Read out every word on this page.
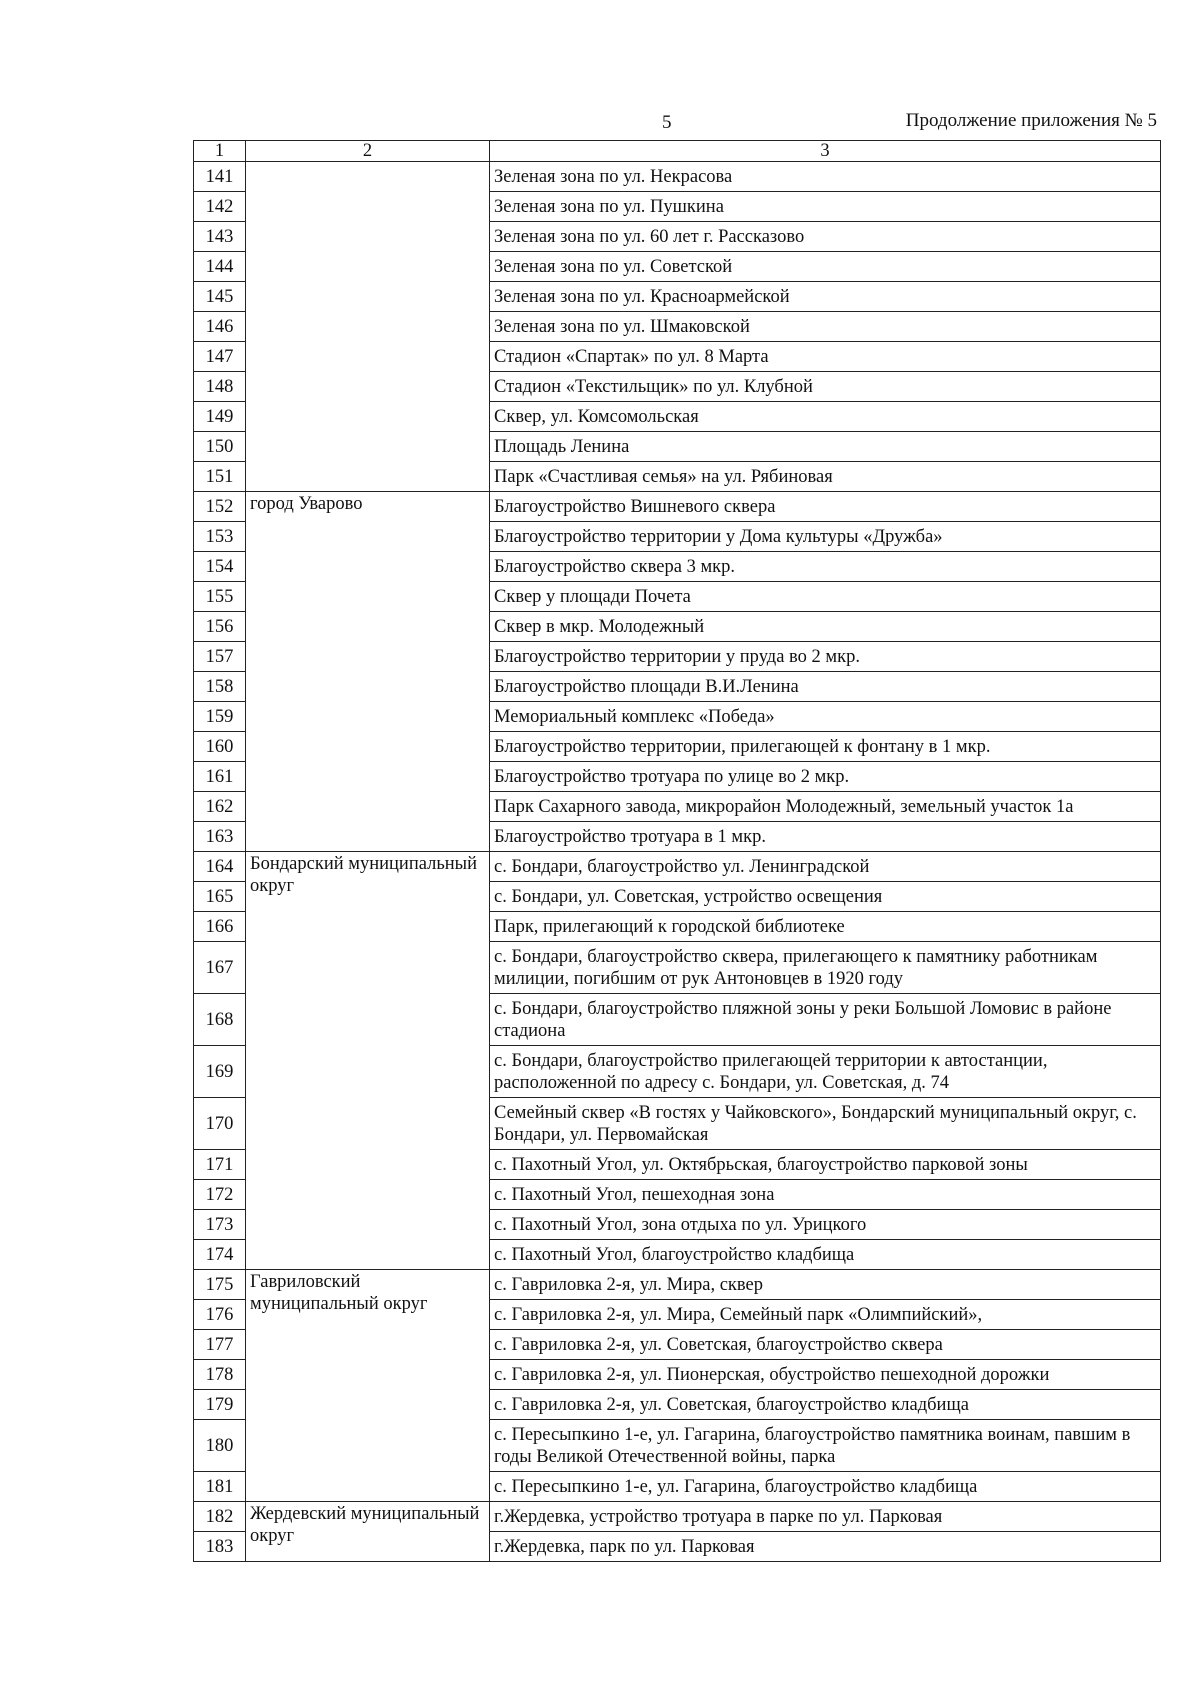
5	Продолжение приложения № 5
1	2	3
141		Зеленая зона по ул. Некрасова
142		Зеленая зона по ул. Пушкина
143		Зеленая зона по ул. 60 лет г. Рассказово
144		Зеленая зона по ул. Советской
145		Зеленая зона по ул. Красноармейской
146		Зеленая зона по ул. Шмаковской
147		Стадион «Спартак» по ул. 8 Марта
148		Стадион «Текстильщик» по ул. Клубной
149		Сквер, ул. Комсомольская
150		Площадь Ленина
151		Парк «Счастливая семья» на ул. Рябиновая
152	город Уварово	Благоустройство Вишневого сквера
153		Благоустройство территории у Дома культуры «Дружба»
154		Благоустройство сквера 3 мкр.
155		Сквер у площади Почета
156		Сквер в мкр. Молодежный
157		Благоустройство территории у пруда во 2 мкр.
158		Благоустройство площади В.И.Ленина
159		Мемориальный комплекс «Победа»
160		Благоустройство территории, прилегающей к фонтану в 1 мкр.
161		Благоустройство тротуара по улице во 2 мкр.
162		Парк Сахарного завода, микрорайон Молодежный, земельный участок 1а
163		Благоустройство тротуара в 1 мкр.
164	Бондарский муниципальный округ	с. Бондари, благоустройство ул. Ленинградской
165		с. Бондари, ул. Советская, устройство освещения
166		Парк, прилегающий к городской библиотеке
167		с. Бондари, благоустройство сквера, прилегающего к памятнику работникам милиции, погибшим от рук Антоновцев в 1920 году
168		с. Бондари, благоустройство пляжной зоны у реки Большой Ломовис в районе стадиона
169		с. Бондари, благоустройство прилегающей территории к автостанции, расположенной по адресу с. Бондари, ул. Советская, д. 74
170		Семейный сквер «В гостях у Чайковского», Бондарский муниципальный округ, с. Бондари, ул. Первомайская
171		с. Пахотный Угол, ул. Октябрьская, благоустройство парковой зоны
172		с. Пахотный Угол, пешеходная зона
173		с. Пахотный Угол, зона отдыха по ул. Урицкого
174		с. Пахотный Угол, благоустройство кладбища
175	Гавриловский муниципальный округ	с. Гавриловка 2-я, ул. Мира, сквер
176		с. Гавриловка 2-я, ул. Мира, Семейный парк «Олимпийский»,
177		с. Гавриловка 2-я, ул. Советская, благоустройство сквера
178		с. Гавриловка 2-я, ул. Пионерская, обустройство пешеходной дорожки
179		с. Гавриловка 2-я, ул. Советская, благоустройство кладбища
180		с. Пересыпкино 1-е, ул. Гагарина, благоустройство памятника воинам, павшим в годы Великой Отечественной войны, парка
181		с. Пересыпкино 1-е, ул. Гагарина, благоустройство кладбища
182	Жердевский муниципальный округ	г.Жердевка, устройство тротуара в парке по ул. Парковая
183		г.Жердевка, парк по ул. Парковая
